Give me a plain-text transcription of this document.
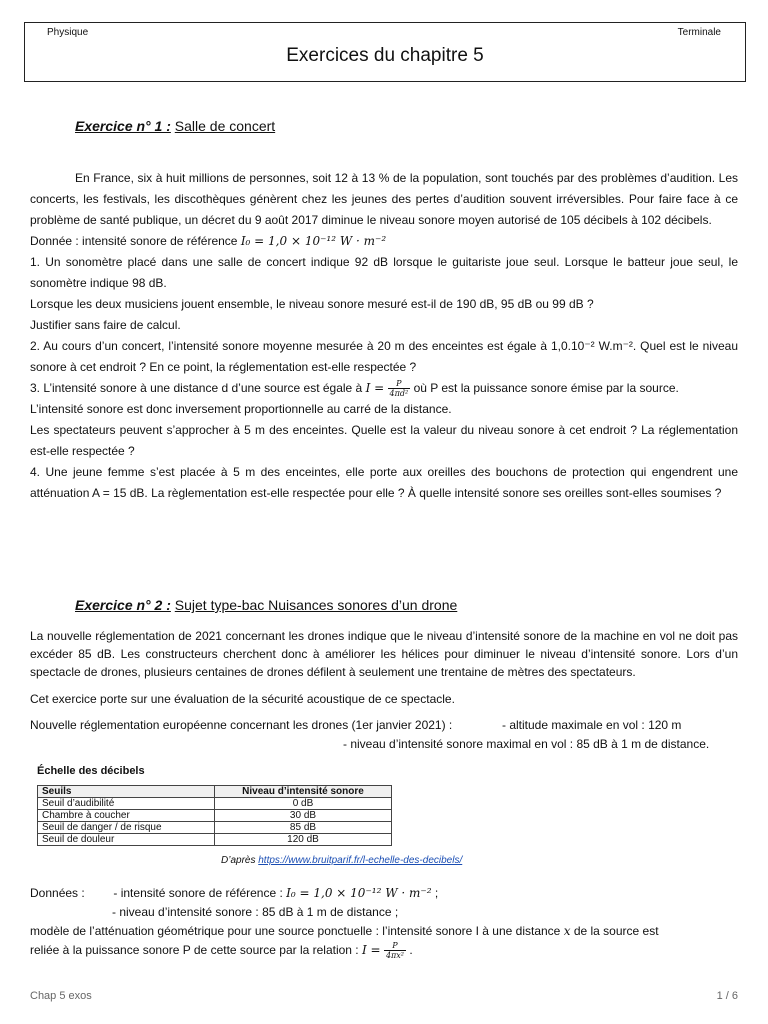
Physique	Terminale
Exercices du chapitre 5
Exercice n° 1 : Salle de concert

En France, six à huit millions de personnes, soit 12 à 13 % de la population, sont touchés par des problèmes d’audition. Les concerts, les festivals, les discothèques génèrent chez les jeunes des pertes d’audition souvent irréversibles. Pour faire face à ce problème de santé publique, un décret du 9 août 2017 diminue le niveau sonore moyen autorisé de 105 décibels à 102 décibels.

Donnée : intensité sonore de référence I₀ = 1,0 × 10⁻¹² W · m⁻²

1. Un sonomètre placé dans une salle de concert indique 92 dB lorsque le guitariste joue seul. Lorsque le batteur joue seul, le sonomètre indique 98 dB.

Lorsque les deux musiciens jouent ensemble, le niveau sonore mesuré est-il de 190 dB, 95 dB ou 99 dB ?

Justifier sans faire de calcul.

2. Au cours d’un concert, l’intensité sonore moyenne mesurée à 20 m des enceintes est égale à 1,0.10⁻² W.m⁻². Quel est le niveau sonore à cet endroit ? En ce point, la réglementation est-elle respectée ?

3. L’intensité sonore à une distance d d’une source est égale à $I = \frac{P}{\text{4πd²}}$ où P est la puissance sonore émise par la source.

L’intensité sonore est donc inversement proportionnelle au carré de la distance.

Les spectateurs peuvent s’approcher à 5 m des enceintes. Quelle est la valeur du niveau sonore à cet endroit ? La réglementation est-elle respectée ?

4. Une jeune femme s’est placée à 5 m des enceintes, elle porte aux oreilles des bouchons de protection qui engendrent une atténuation A = 15 dB. La règlementation est-elle respectée pour elle ? À quelle intensité sonore ses oreilles sont-elles soumises ?

Exercice n° 2 : Sujet type-bac Nuisances sonores d’un drone

La nouvelle réglementation de 2021 concernant les drones indique que le niveau d’intensité sonore de la machine en vol ne doit pas excéder 85 dB. Les constructeurs cherchent donc à améliorer les hélices pour diminuer le niveau d’intensité sonore. Lors d’un spectacle de drones, plusieurs centaines de drones défilent à seulement une trentaine de mètres des spectateurs.

Cet exercice porte sur une évaluation de la sécurité acoustique de ce spectacle.

Nouvelle réglementation européenne concernant les drones (1er janvier 2021) :	- altitude maximale en vol : 120 m
- niveau d’intensité sonore maximal en vol : 85 dB à 1 m de distance.
Échelle des décibels
Seuils	Niveau d’intensité sonore
Seuil d’audibilité	0 dB
Chambre à coucher	30 dB
Seuil de danger / de risque	85 dB
Seuil de douleur	120 dB
D’après https://www.bruitparif.fr/l-echelle-des-decibels/
Données : - intensité sonore de référence : I₀ = 1,0 × 10⁻¹² W · m⁻² ;
- niveau d’intensité sonore : 85 dB à 1 m de distance ;
modèle de l’atténuation géométrique pour une source ponctuelle : l’intensité sonore I à une distance x de la source est
reliée à la puissance sonore P de cette source par la relation : $I = \frac{P}{\text{4πx²}}$ .
Chap 5 exos	1 / 6
